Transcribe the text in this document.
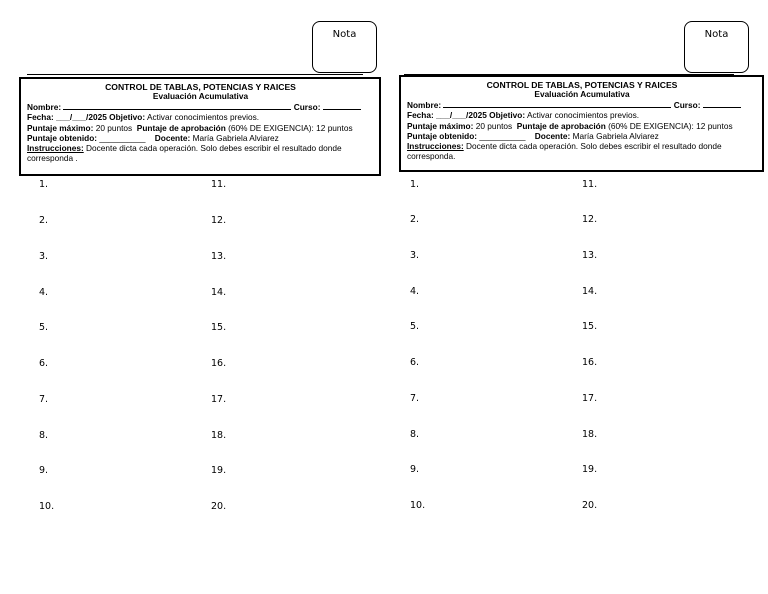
Nota
CONTROL DE TABLAS, POTENCIAS Y RAICES
Evaluación Acumulativa
Nombre:	Curso:
Fecha: ___/___/2025 Objetivo: Activar conocimientos previos.
Puntaje máximo: 20 puntos Puntaje de aprobación (60% DE EXIGENCIA): 12 puntos
Puntaje obtenido: __________ Docente: María Gabriela Alviarez
Instrucciones: Docente dicta cada operación. Solo debes escribir el resultado donde corresponda .
1.
2.
3.
4.
5.
6.
7.
8.
9.
10.
11.
12.
13.
14.
15.
16.
17.
18.
19.
20.
Nota
CONTROL DE TABLAS, POTENCIAS Y RAICES
Evaluación Acumulativa
Nombre:	Curso:
Fecha: ___/___/2025 Objetivo: Activar conocimientos previos.
Puntaje máximo: 20 puntos Puntaje de aprobación (60% DE EXIGENCIA): 12 puntos
Puntaje obtenido: __________ Docente: María Gabriela Alviarez
Instrucciones: Docente dicta cada operación. Solo debes escribir el resultado donde corresponda.
1.
2.
3.
4.
5.
6.
7.
8.
9.
10.
11.
12.
13.
14.
15.
16.
17.
18.
19.
20.
